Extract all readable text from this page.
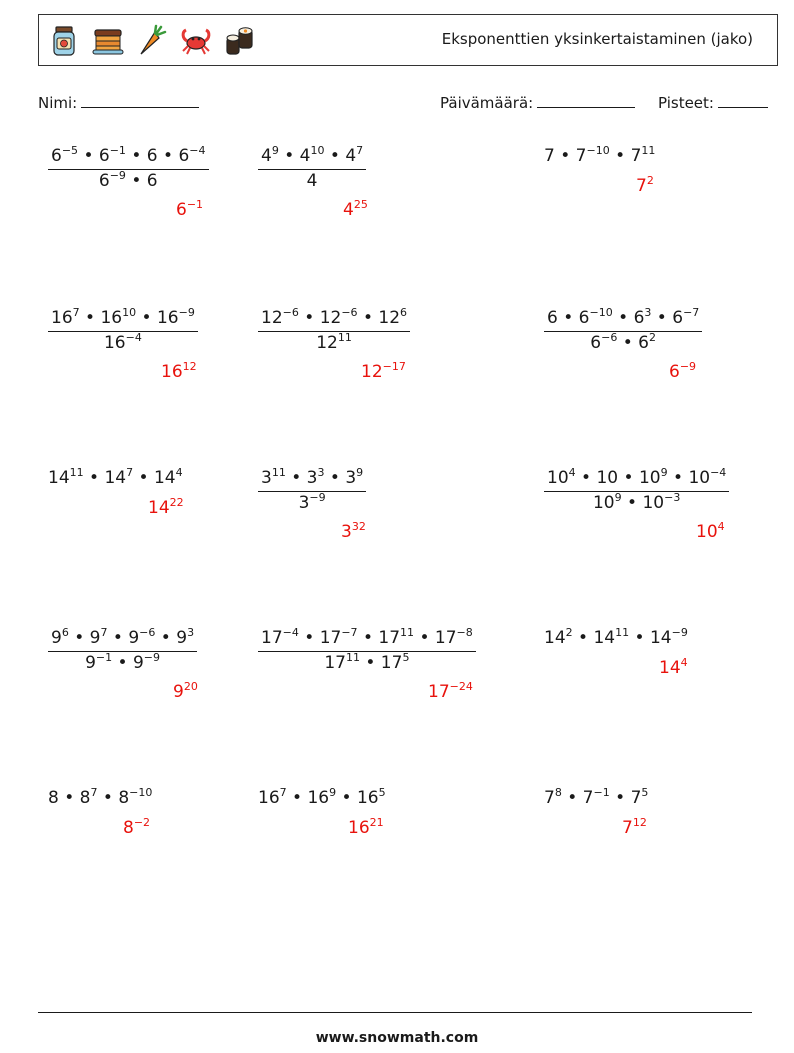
Eksponenttien yksinkertaistaminen (jako)
Nimi:	Päivämäärä:	Pisteet:
$\frac{6^{-5} • 6^{-1} • 6 • 6^{-4}}{6^{-9} • 6}$
$6^{-1}$
$\frac{4^9 • 4^{10} • 4^7}{4}$
$4^{25}$
7 • $7^{-10}$ • $7^{11}$
$7^2$
$\frac{16^7 • 16^{10} • 16^{-9}}{16^{-4}}$
$16^{12}$
$\frac{12^{-6} • 12^{-6} • 12^6}{12^{11}}$
$12^{-17}$
$\frac{6 • 6^{-10} • 6^3 • 6^{-7}}{6^{-6} • 6^2}$
$6^{-9}$
$14^{11}$ • $14^7$ • $14^4$
$14^{22}$	$\frac{3^{11} • 3^3 • 3^9}{3^{-9}}$
$3^{32}$
$\frac{10^4 • 10 • 10^9 • 10^{-4}}{10^9 • 10^{-3}}$
$10^4$
$\frac{9^6 • 9^7 • 9^{-6} • 9^3}{9^{-1} • 9^{-9}}$
$9^{20}$
$\frac{17^{-4} • 17^{-7} • 17^{11} • 17^{-8}}{17^{11} • 17^5}$
$17^{-24}$
$14^2$ • $14^{11}$ • $14^{-9}$
$14^4$
8 • $8^7$ • $8^{-10}$
$8^{-2}$
$16^7$ • $16^9$ • $16^5$
$16^{21}$
$7^8$ • $7^{-1}$ • $7^5$
$7^{12}$
www.snowmath.com
